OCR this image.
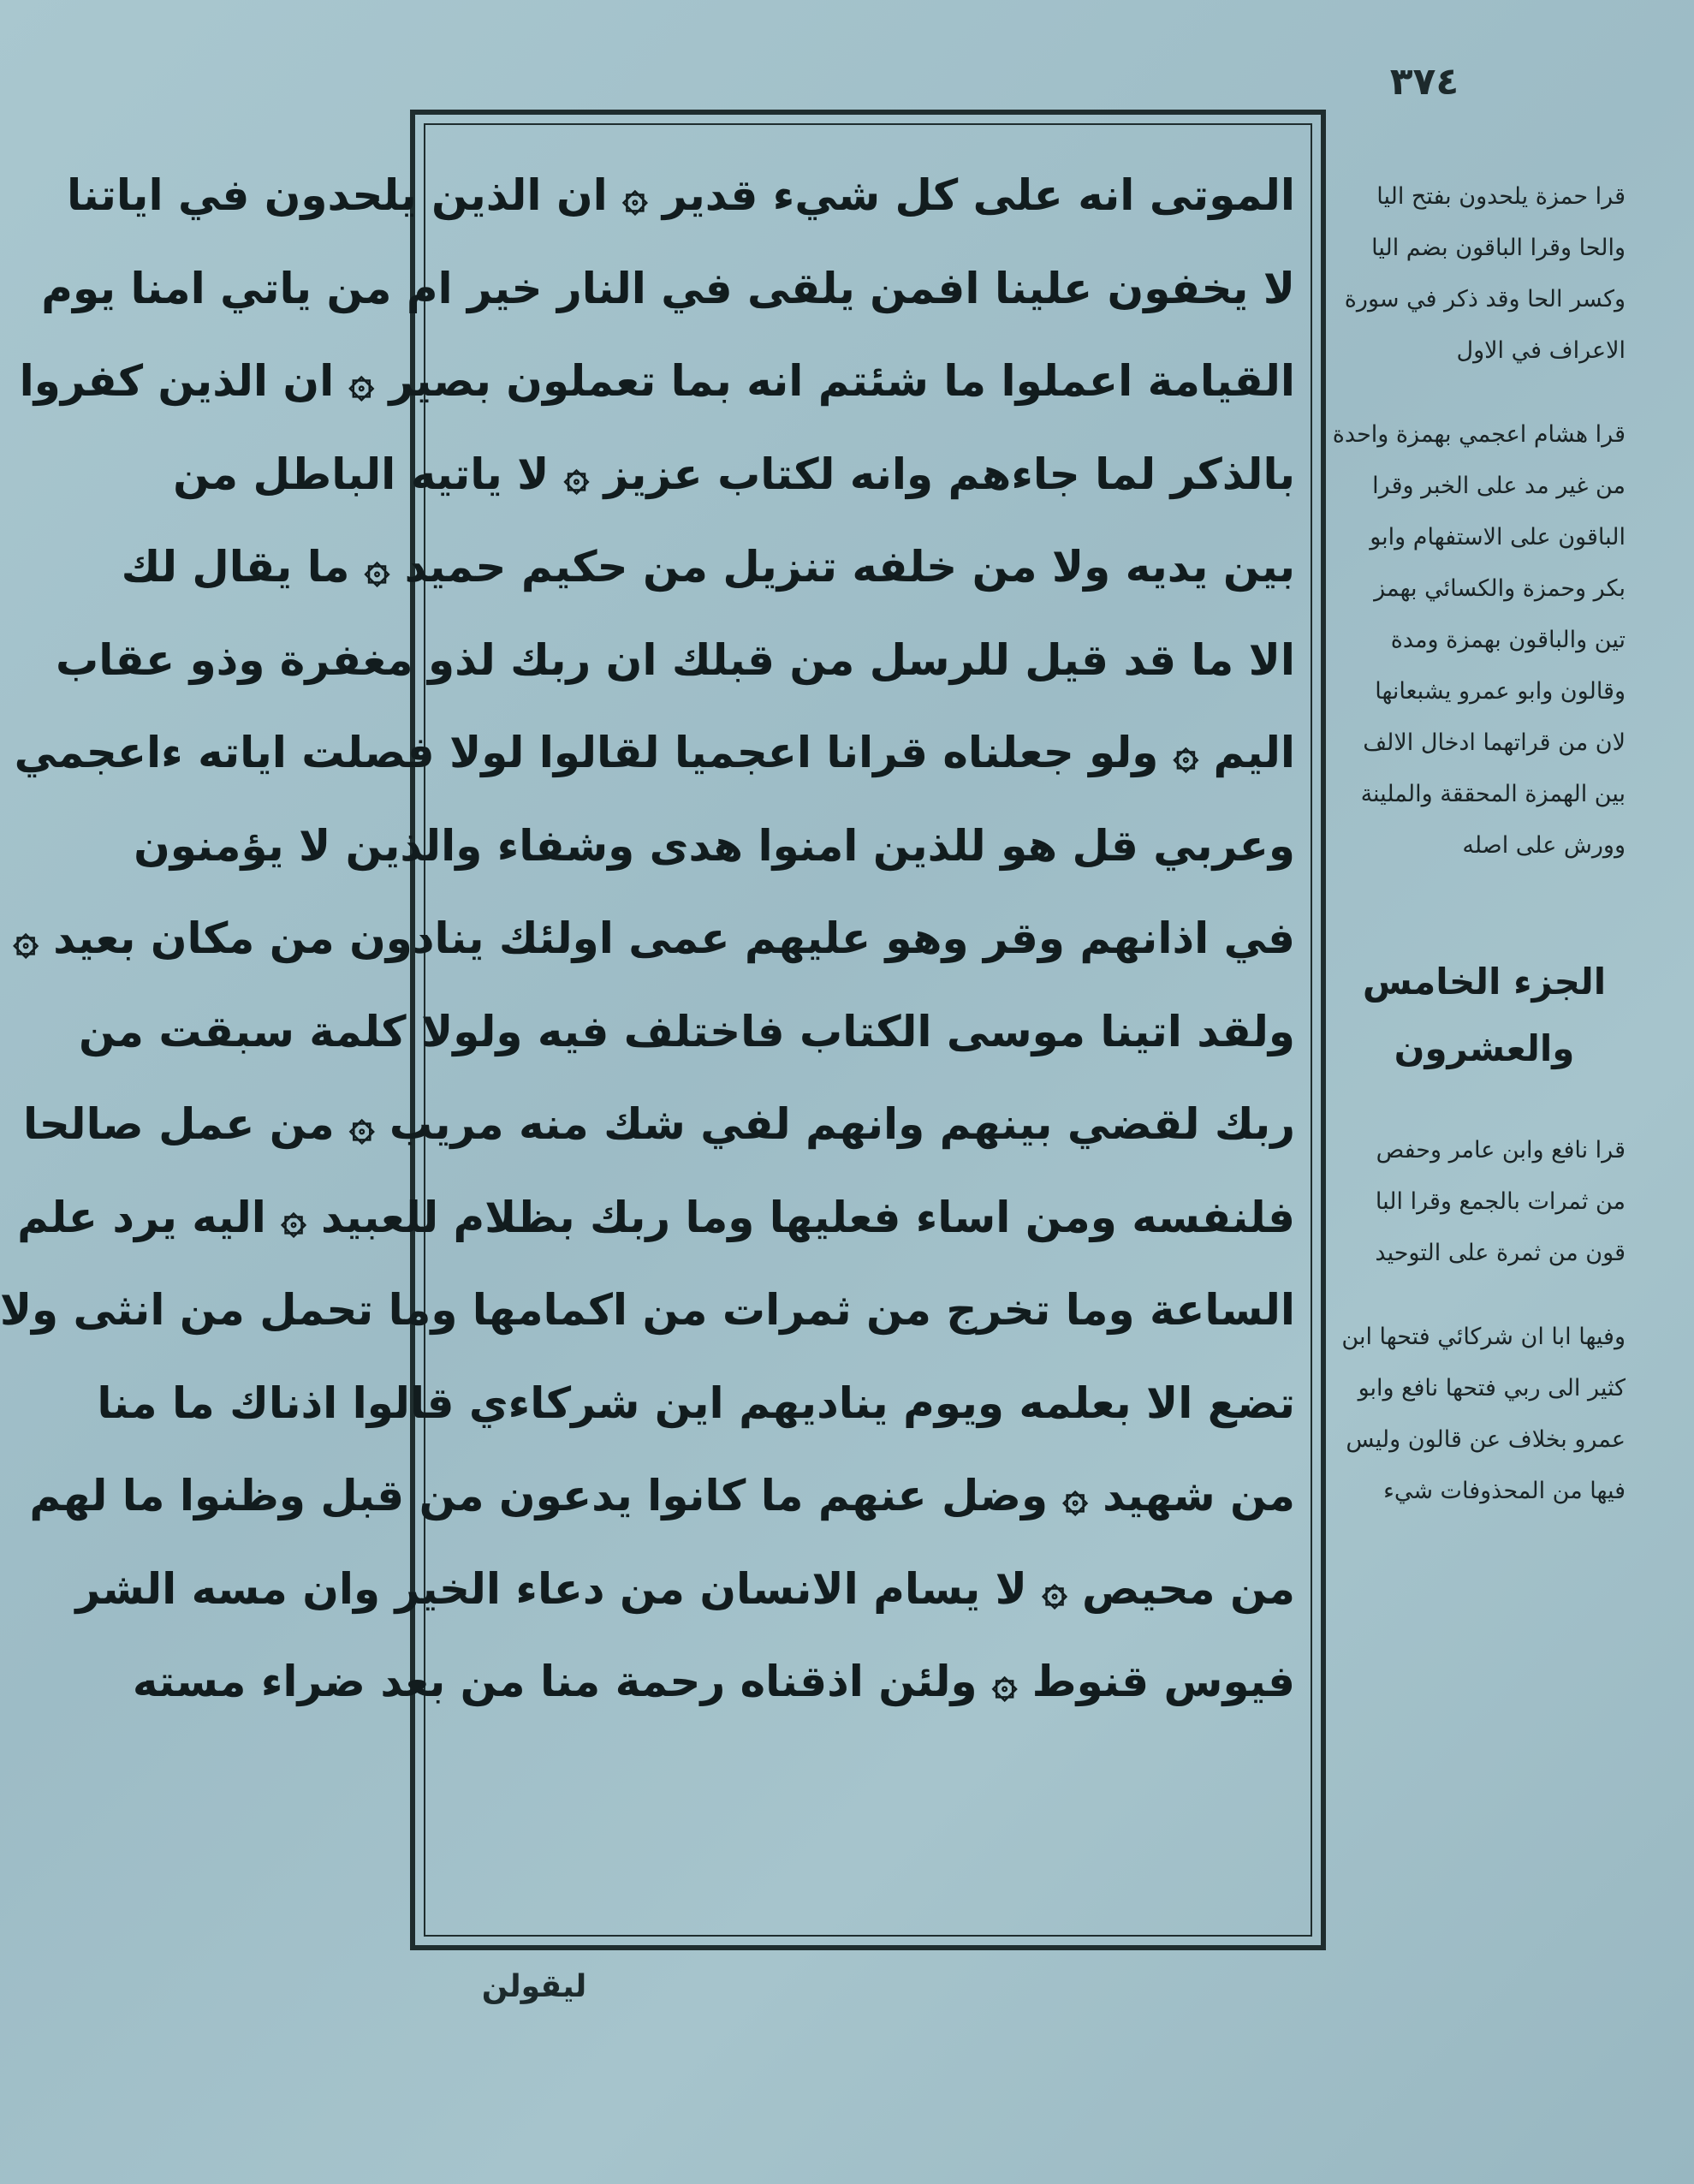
٣٧٤
الموتى انه على كل شيء قدير ۞ ان الذين يلحدون في اياتنا
لا يخفون علينا افمن يلقى في النار خير ام من ياتي امنا يوم
القيامة اعملوا ما شئتم انه بما تعملون بصير ۞ ان الذين كفروا
بالذكر لما جاءهم وانه لكتاب عزيز ۞ لا ياتيه الباطل من
بين يديه ولا من خلفه تنزيل من حكيم حميد ۞ ما يقال لك
الا ما قد قيل للرسل من قبلك ان ربك لذو مغفرة وذو عقاب
اليم ۞ ولو جعلناه قرانا اعجميا لقالوا لولا فصلت اياته ءاعجمي
وعربي قل هو للذين امنوا هدى وشفاء والذين لا يؤمنون
في اذانهم وقر وهو عليهم عمى اولئك ينادون من مكان بعيد ۞
ولقد اتينا موسى الكتاب فاختلف فيه ولولا كلمة سبقت من
ربك لقضي بينهم وانهم لفي شك منه مريب ۞ من عمل صالحا
فلنفسه ومن اساء فعليها وما ربك بظلام للعبيد ۞ اليه يرد علم
الساعة وما تخرج من ثمرات من اكمامها وما تحمل من انثى ولا
تضع الا بعلمه ويوم يناديهم اين شركاءي قالوا اذناك ما منا
من شهيد ۞ وضل عنهم ما كانوا يدعون من قبل وظنوا ما لهم
من محيص ۞ لا يسام الانسان من دعاء الخير وان مسه الشر
فيوس قنوط ۞ ولئن اذقناه رحمة منا من بعد ضراء مسته
قرا حمزة يلحدون بفتح اليا
والحا وقرا الباقون بضم اليا
وكسر الحا وقد ذكر في سورة
الاعراف في الاول
قرا هشام اعجمي بهمزة واحدة
من غير مد على الخبر وقرا
الباقون على الاستفهام وابو
بكر وحمزة والكسائي بهمز
تين والباقون بهمزة ومدة
وقالون وابو عمرو يشبعانها
لان من قراتهما ادخال الالف
بين الهمزة المحققة والملينة
وورش على اصله
الجزء الخامس
والعشرون
قرا نافع وابن عامر وحفص
من ثمرات بالجمع وقرا البا
قون من ثمرة على التوحيد
وفيها ابا ان شركائي فتحها ابن
كثير الى ربي فتحها نافع وابو
عمرو بخلاف عن قالون وليس
فيها من المحذوفات شيء
ليقولن
